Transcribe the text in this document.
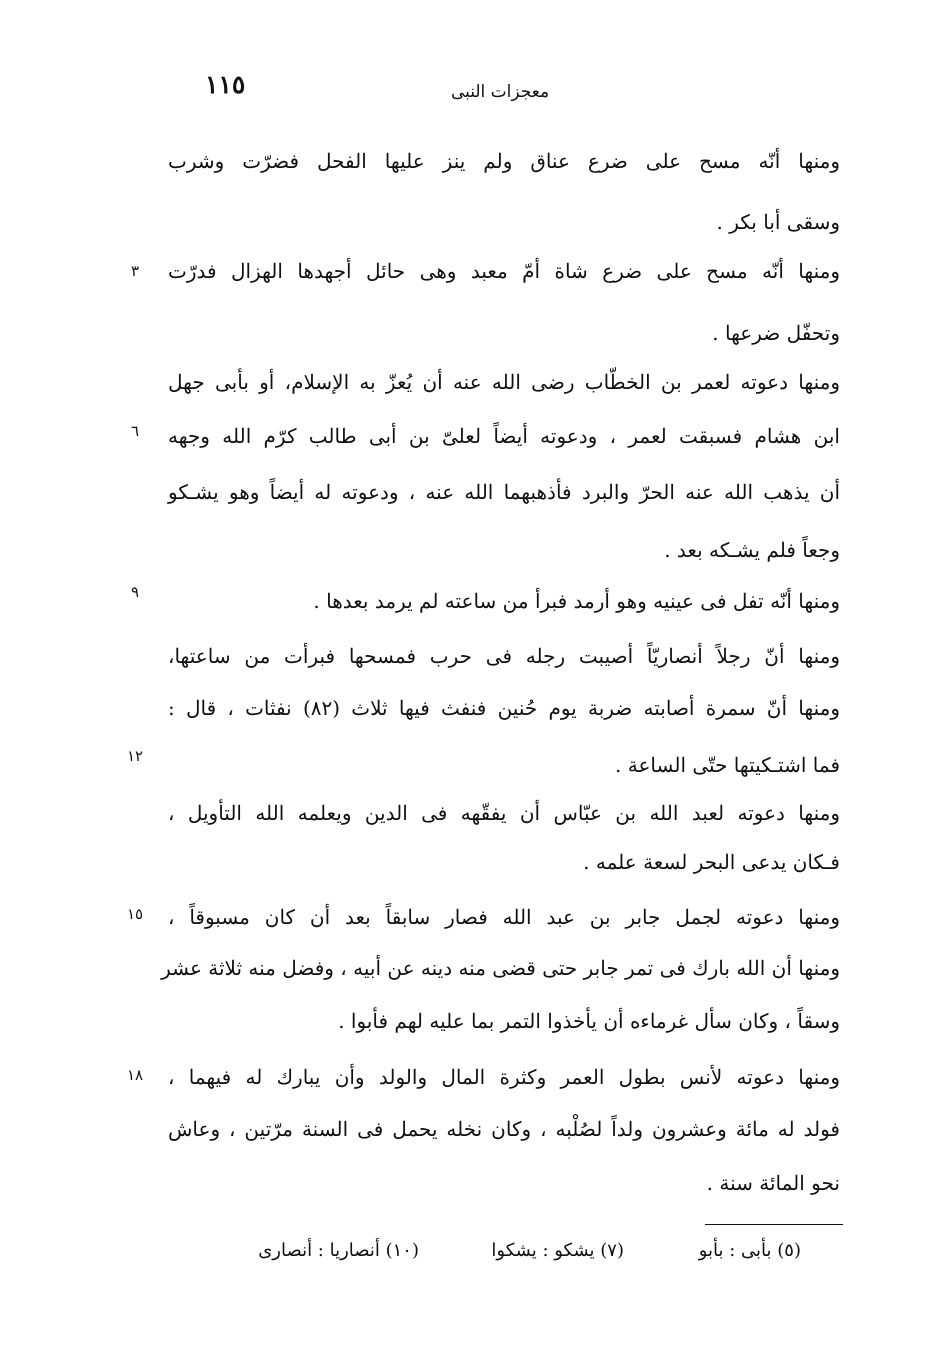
١١٥	معجزات النبى
ومنها أنّه مسح على ضرع عناق ولم ينز عليها الفحل فضرّت وشرب
وسقى أبا بكر .
ومنها أنّه مسح على ضرع شاة أمّ معبد وهى حائل أجهدها الهزال فدرّت
وتحفّل ضرعها .
ومنها دعوته لعمر بن الخطّاب رضى الله عنه أن يُعزّ به الإسلام، أو بأبى جهل
ابن هشام فسبقت لعمر ، ودعوته أيضاً لعلىّ بن أبى طالب كرّم الله وجهه
أن يذهب الله عنه الحرّ والبرد فأذهبهما الله عنه ، ودعوته له أيضاً وهو يشـكو
وجعاً فلم يشـكه بعد .
ومنها أنّه تفل فى عينيه وهو أرمد فبرأ من ساعته لم يرمد بعدها .
ومنها أنّ رجلاً أنصاريّاً أصيبت رجله فى حرب فمسحها فبرأت من ساعتها،
ومنها أنّ سمرة أصابته ضربة يوم حُنين فنفث فيها ثلاث (٨٢) نفثات ، قال :
فما اشتـكيتها حتّى الساعة .
ومنها دعوته لعبد الله بن عبّاس أن يفقّهه فى الدين ويعلمه الله التأويل ،
فـكان يدعى البحر لسعة علمه .
ومنها دعوته لجمل جابر بن عبد الله فصار سابقاً بعد أن كان مسبوقاً ،
ومنها أن الله بارك فى تمر جابر حتى قضى منه دينه عن أبيه ، وفضل منه ثلاثة عشر
وسقاً ، وكان سأل غرماءه أن يأخذوا التمر بما عليه لهم فأبوا .
ومنها دعوته لأنس بطول العمر وكثرة المال والولد وأن يبارك له فيهما ،
فولد له مائة وعشرون ولداً لصُلْبه ، وكان نخله يحمل فى السنة مرّتين ، وعاش
نحو المائة سنة .
٣
٦
٩
١٢
١٥
١٨
(٥) بأبى : بأبو
(٧) يشكو : يشكوا
(١٠) أنصاريا : أنصارى
